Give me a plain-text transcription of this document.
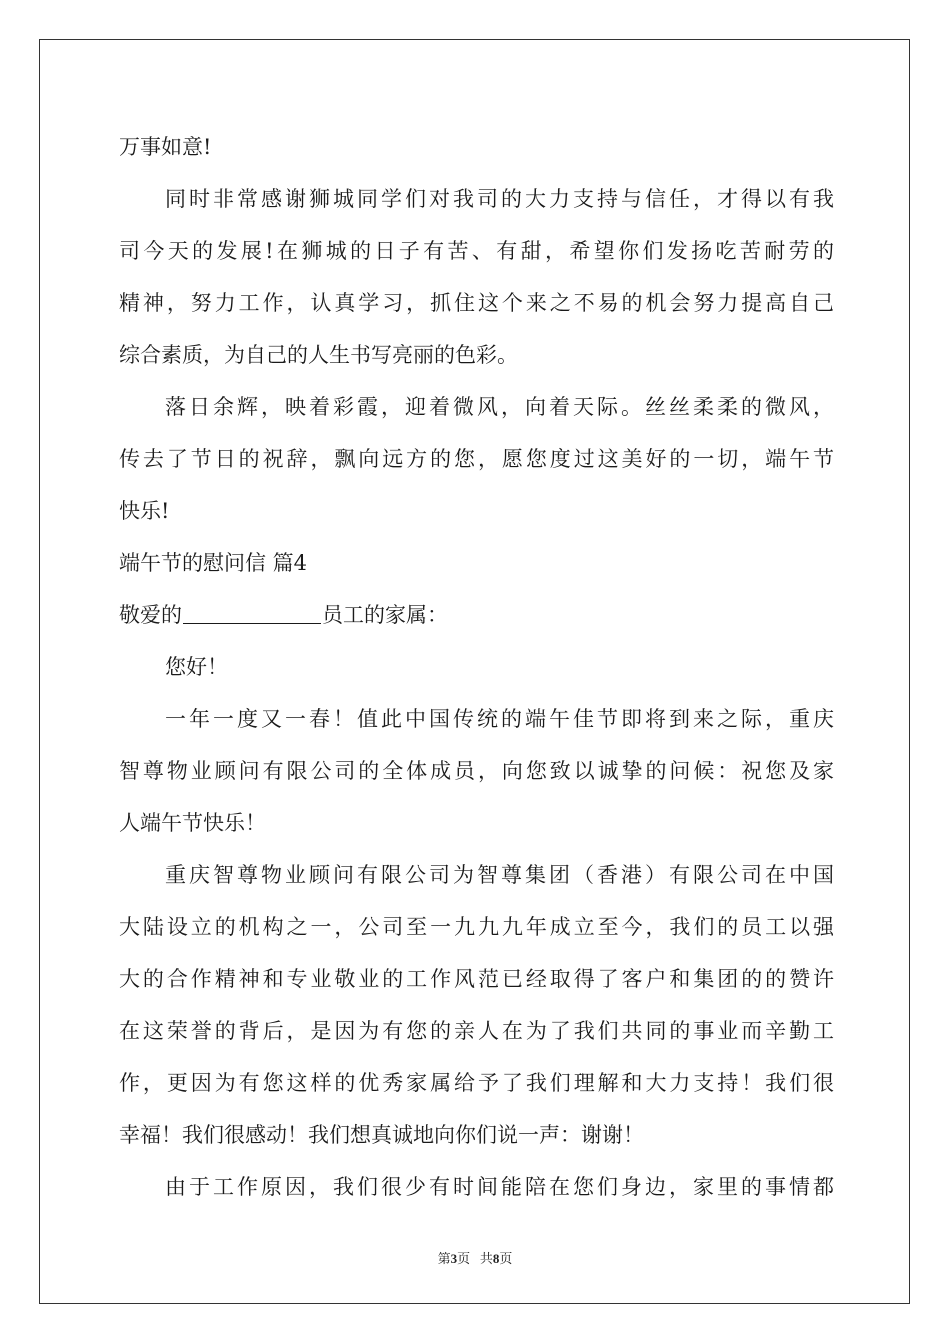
万事如意!
同时非常感谢狮城同学们对我司的大力支持与信任，才得以有我
司今天的发展!在狮城的日子有苦、有甜，希望你们发扬吃苦耐劳的
精神，努力工作，认真学习，抓住这个来之不易的机会努力提高自己
综合素质，为自己的人生书写亮丽的色彩。
落日余辉，映着彩霞，迎着微风，向着天际。丝丝柔柔的微风，
传去了节日的祝辞，飘向远方的您，愿您度过这美好的一切，端午节
快乐!
端午节的慰问信 篇4
敬爱的	员工的家属：
您好！
一年一度又一春！值此中国传统的端午佳节即将到来之际，重庆
智尊物业顾问有限公司的全体成员，向您致以诚挚的问候：祝您及家
人端午节快乐！
重庆智尊物业顾问有限公司为智尊集团（香港）有限公司在中国
大陆设立的机构之一，公司至一九九九年成立至今，我们的员工以强
大的合作精神和专业敬业的工作风范已经取得了客户和集团的的赞许
在这荣誉的背后，是因为有您的亲人在为了我们共同的事业而辛勤工
作，更因为有您这样的优秀家属给予了我们理解和大力支持！我们很
幸福！我们很感动！我们想真诚地向你们说一声：谢谢！
由于工作原因，我们很少有时间能陪在您们身边，家里的事情都
第3页 共8页
